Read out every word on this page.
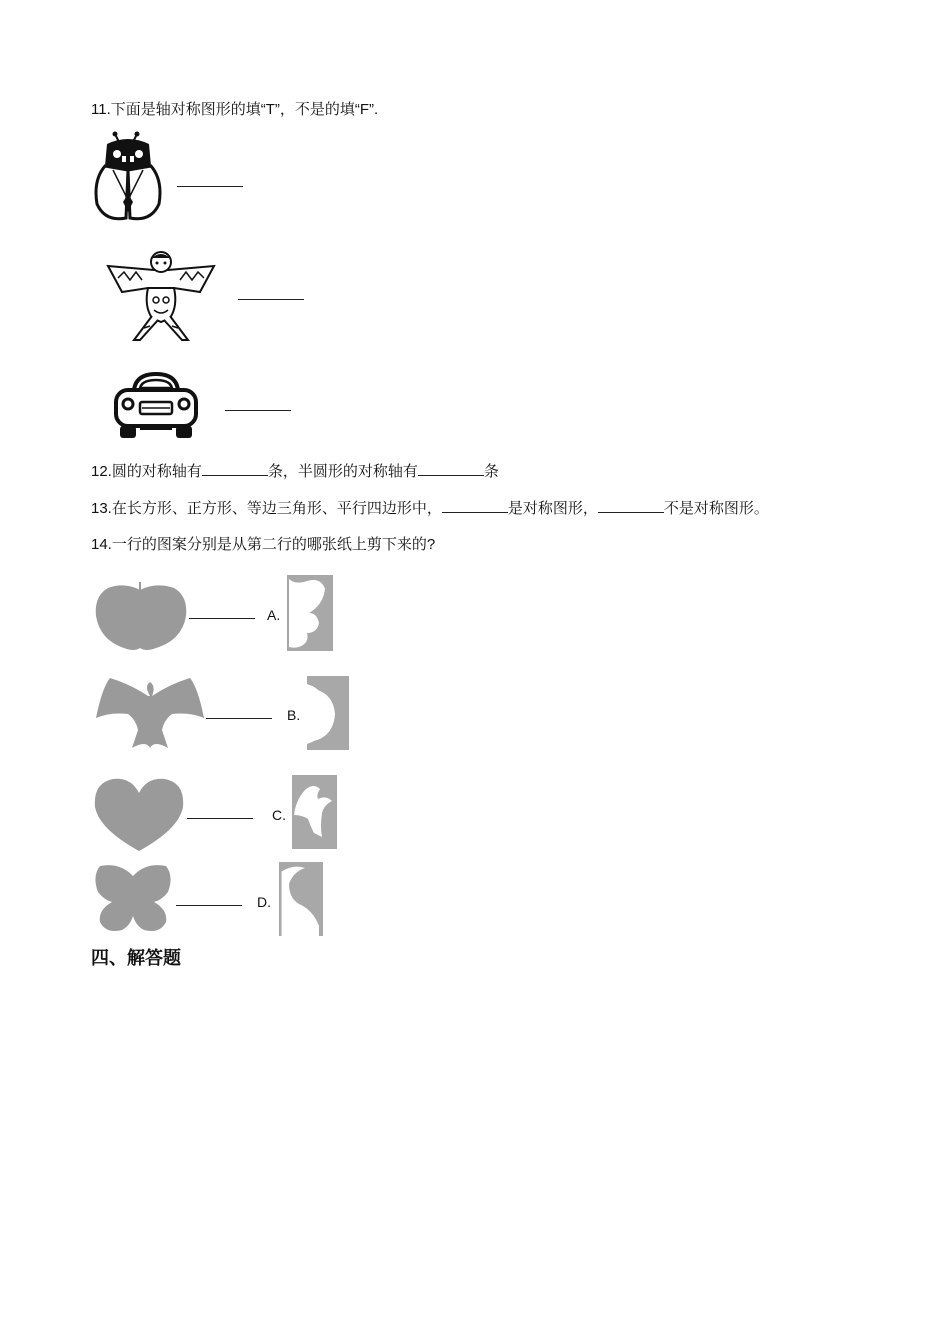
11.下面是轴对称图形的填“T”，不是的填“F”.
12.圆的对称轴有	条，半圆形的对称轴有	条
13.在长方形、正方形、等边三角形、平行四边形中，	是对称图形，	不是对称图形。
14.一行的图案分别是从第二行的哪张纸上剪下来的?
A.
B.
C.
D.
四、解答题
